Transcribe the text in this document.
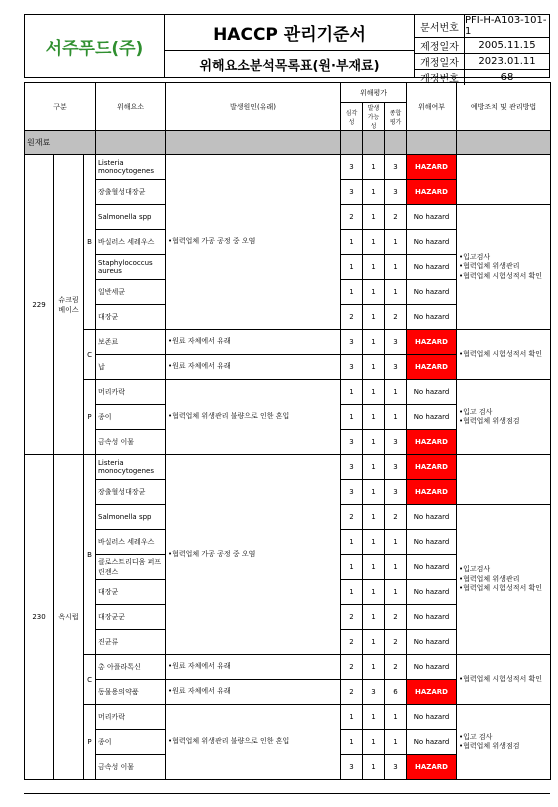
서주푸드(주)
HACCP 관리기준서
위해요소분석목록표(원·부재료)
문서번호
PFI-H-A103-101-1
제정일자	2005.11.15
개정일자	2023.01.11
개정번호	68
구분			위해요소	발생원인(유래)	위해평가			위해여부	예방조치 및 관리방법
					심각성	발생가능성	종합평가		
원재료									
229	슈크림 베이스	B	Listeria monocytogenes	•협력업체 가공 공정 중 오염	3	1	3	HAZARD	
			장출혈성대장균		3	1	3	HAZARD	
			Salmonella spp		2	1	2	No hazard	•입고검사
•협력업체 위생관리
•협력업체 시험성적서 확인
			바실러스 세레우스		1	1	1	No hazard	
			Staphylococcus aureus		1	1	1	No hazard	
			일반세균		1	1	1	No hazard	
			대장균		2	1	2	No hazard	
		C	보존료	•원료 자체에서 유래	3	1	3	HAZARD	•협력업체 시험성적서 확인
			납	•원료 자체에서 유래	3	1	3	HAZARD	
		P	머리카락	•협력업체 위생관리 불량으로 인한 혼입	1	1	1	No hazard	•입고 검사
•협력업체 위생점검
			종이		1	1	1	No hazard	
			금속성 이물		3	1	3	HAZARD	
230	옥시럽	B	Listeria monocytogenes	•협력업체 가공 공정 중 오염	3	1	3	HAZARD	
			장출혈성대장균		3	1	3	HAZARD	
			Salmonella spp		2	1	2	No hazard	•입고검사
•협력업체 위생관리
•협력업체 시험성적서 확인
			바실러스 세레우스		1	1	1	No hazard	
			클로스트리디움 퍼프린젠스		1	1	1	No hazard	
			대장균		1	1	1	No hazard	
			대장균군		2	1	2	No hazard	
			진균류		2	1	2	No hazard	
		C	총 아플라톡신	•원료 자체에서 유래	2	1	2	No hazard	•협력업체 시험성적서 확인
			동물용의약품	•원료 자체에서 유래	2	3	6	HAZARD	
		P	머리카락	•협력업체 위생관리 불량으로 인한 혼입	1	1	1	No hazard	•입고 검사
•협력업체 위생점검
			종이		1	1	1	No hazard	
			금속성 이물		3	1	3	HAZARD	
